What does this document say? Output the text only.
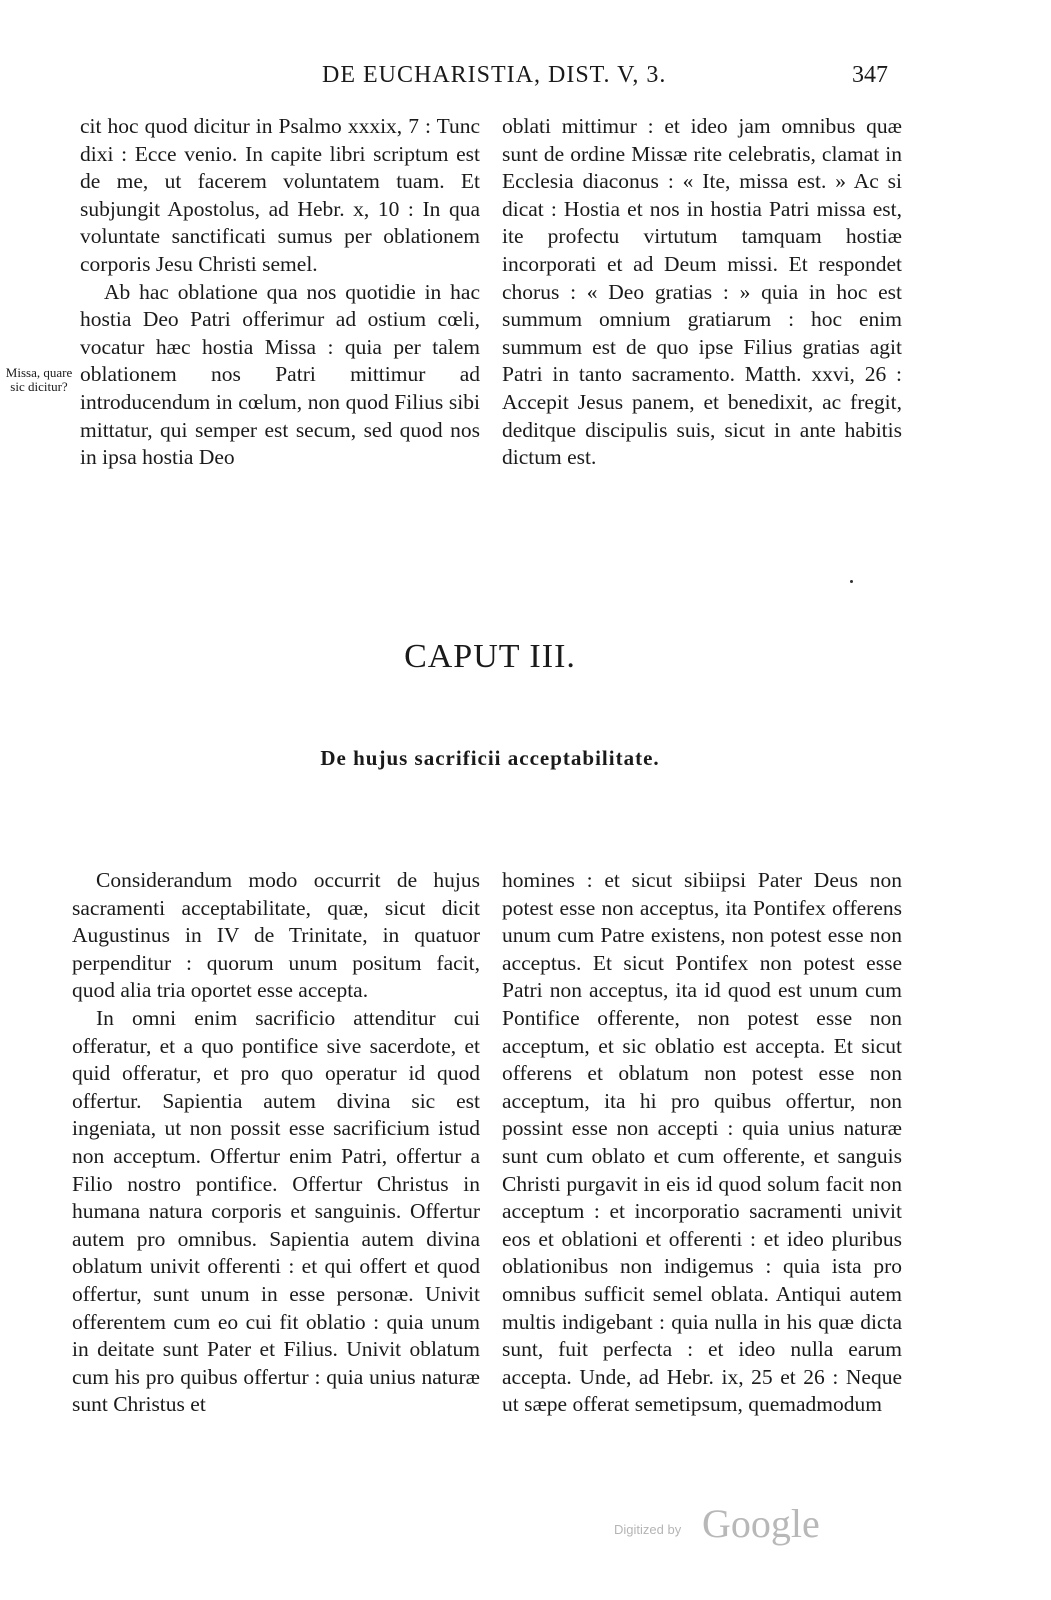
DE EUCHARISTIA, DIST. V, 3.	347
Missa, quare sic dicitur?

cit hoc quod dicitur in Psalmo xxxix, 7 : Tunc dixi : Ecce venio. In capite libri scriptum est de me, ut facerem voluntatem tuam. Et subjungit Apostolus, ad Hebr. x, 10 : In qua voluntate sanctificati sumus per oblationem corporis Jesu Christi semel.

Ab hac oblatione qua nos quotidie in hac hostia Deo Patri offerimur ad ostium cœli, vocatur hæc hostia Missa : quia per talem oblationem nos Patri mittimur ad introducendum in cœlum, non quod Filius sibi mittatur, qui semper est secum, sed quod nos in ipsa hostia Deo

oblati mittimur : et ideo jam omnibus quæ sunt de ordine Missæ rite celebratis, clamat in Ecclesia diaconus : « Ite, missa est. » Ac si dicat : Hostia et nos in hostia Patri missa est, ite profectu virtutum tamquam hostiæ incorporati et ad Deum missi. Et respondet chorus : « Deo gratias : » quia in hoc est summum omnium gratiarum : hoc enim summum est de quo ipse Filius gratias agit Patri in tanto sacramento. Matth. xxvi, 26 : Accepit Jesus panem, et benedixit, ac fregit, deditque discipulis suis, sicut in ante habitis dictum est.

CAPUT III.
De hujus sacrificii acceptabilitate.

Considerandum modo occurrit de hujus sacramenti acceptabilitate, quæ, sicut dicit Augustinus in IV de Trinitate, in quatuor perpenditur : quorum unum positum facit, quod alia tria oportet esse accepta.

In omni enim sacrificio attenditur cui offeratur, et a quo pontifice sive sacerdote, et quid offeratur, et pro quo operatur id quod offertur. Sapientia autem divina sic est ingeniata, ut non possit esse sacrificium istud non acceptum. Offertur enim Patri, offertur a Filio nostro pontifice. Offertur Christus in humana natura corporis et sanguinis. Offertur autem pro omnibus. Sapientia autem divina oblatum univit offerenti : et qui offert et quod offertur, sunt unum in esse personæ. Univit offerentem cum eo cui fit oblatio : quia unum in deitate sunt Pater et Filius. Univit oblatum cum his pro quibus offertur : quia unius naturæ sunt Christus et

homines : et sicut sibiipsi Pater Deus non potest esse non acceptus, ita Pontifex offerens unum cum Patre existens, non potest esse non acceptus. Et sicut Pontifex non potest esse Patri non acceptus, ita id quod est unum cum Pontifice offerente, non potest esse non acceptum, et sic oblatio est accepta. Et sicut offerens et oblatum non potest esse non acceptum, ita hi pro quibus offertur, non possint esse non accepti : quia unius naturæ sunt cum oblato et cum offerente, et sanguis Christi purgavit in eis id quod solum facit non acceptum : et incorporatio sacramenti univit eos et oblationi et offerenti : et ideo pluribus oblationibus non indigemus : quia ista pro omnibus sufficit semel oblata. Antiqui autem multis indigebant : quia nulla in his quæ dicta sunt, fuit perfecta : et ideo nulla earum accepta. Unde, ad Hebr. ix, 25 et 26 : Neque ut sæpe offerat semetipsum, quemadmodum

Digitized by Google
